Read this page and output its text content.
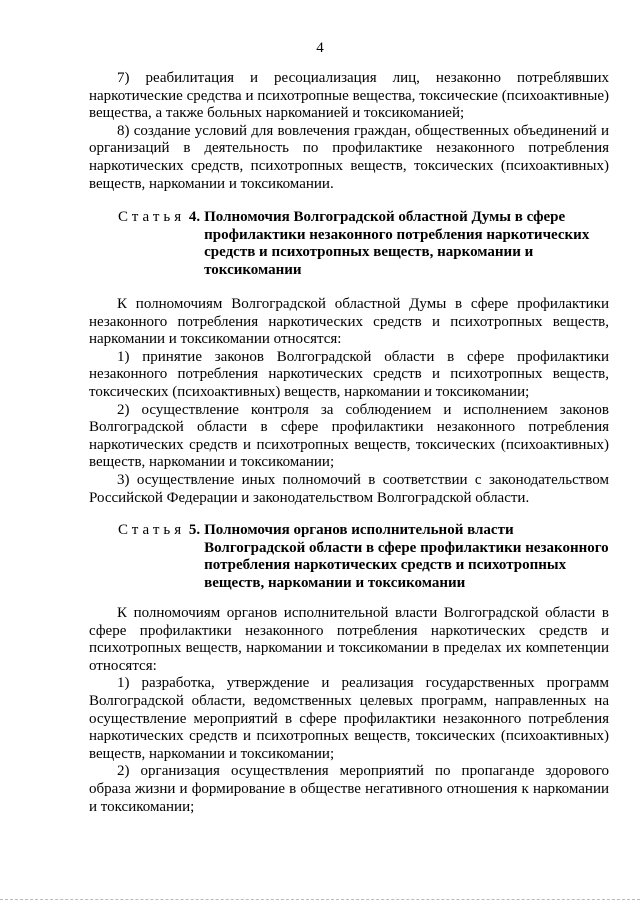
4

7) реабилитация и ресоциализация лиц, незаконно потреблявших наркотические средства и психотропные вещества, токсические (психоактивные) вещества, а также больных наркоманией и токсикоманией;

8) создание условий для вовлечения граждан, общественных объединений и организаций в деятельность по профилактике незаконного потребления наркотических средств, психотропных веществ, токсических (психоактивных) веществ, наркомании и токсикомании.

Статья 4. Полномочия Волгоградской областной Думы в сфере профилактики незаконного потребления наркотических средств и психотропных веществ, наркомании и токсикомании

К полномочиям Волгоградской областной Думы в сфере профилактики незаконного потребления наркотических средств и психотропных веществ, наркомании и токсикомании относятся:

1) принятие законов Волгоградской области в сфере профилактики незаконного потребления наркотических средств и психотропных веществ, токсических (психоактивных) веществ, наркомании и токсикомании;

2) осуществление контроля за соблюдением и исполнением законов Волгоградской области в сфере профилактики незаконного потребления наркотических средств и психотропных веществ, токсических (психоактивных) веществ, наркомании и токсикомании;

3) осуществление иных полномочий в соответствии с законодательством Российской Федерации и законодательством Волгоградской области.

Статья 5. Полномочия органов исполнительной власти Волгоградской области в сфере профилактики незаконного потребления наркотических средств и психотропных веществ, наркомании и токсикомании

К полномочиям органов исполнительной власти Волгоградской области в сфере профилактики незаконного потребления наркотических средств и психотропных веществ, наркомании и токсикомании в пределах их компетенции относятся:

1) разработка, утверждение и реализация государственных программ Волгоградской области, ведомственных целевых программ, направленных на осуществление мероприятий в сфере профилактики незаконного потребления наркотических средств и психотропных веществ, токсических (психоактивных) веществ, наркомании и токсикомании;

2) организация осуществления мероприятий по пропаганде здорового образа жизни и формирование в обществе негативного отношения к наркомании и токсикомании;
